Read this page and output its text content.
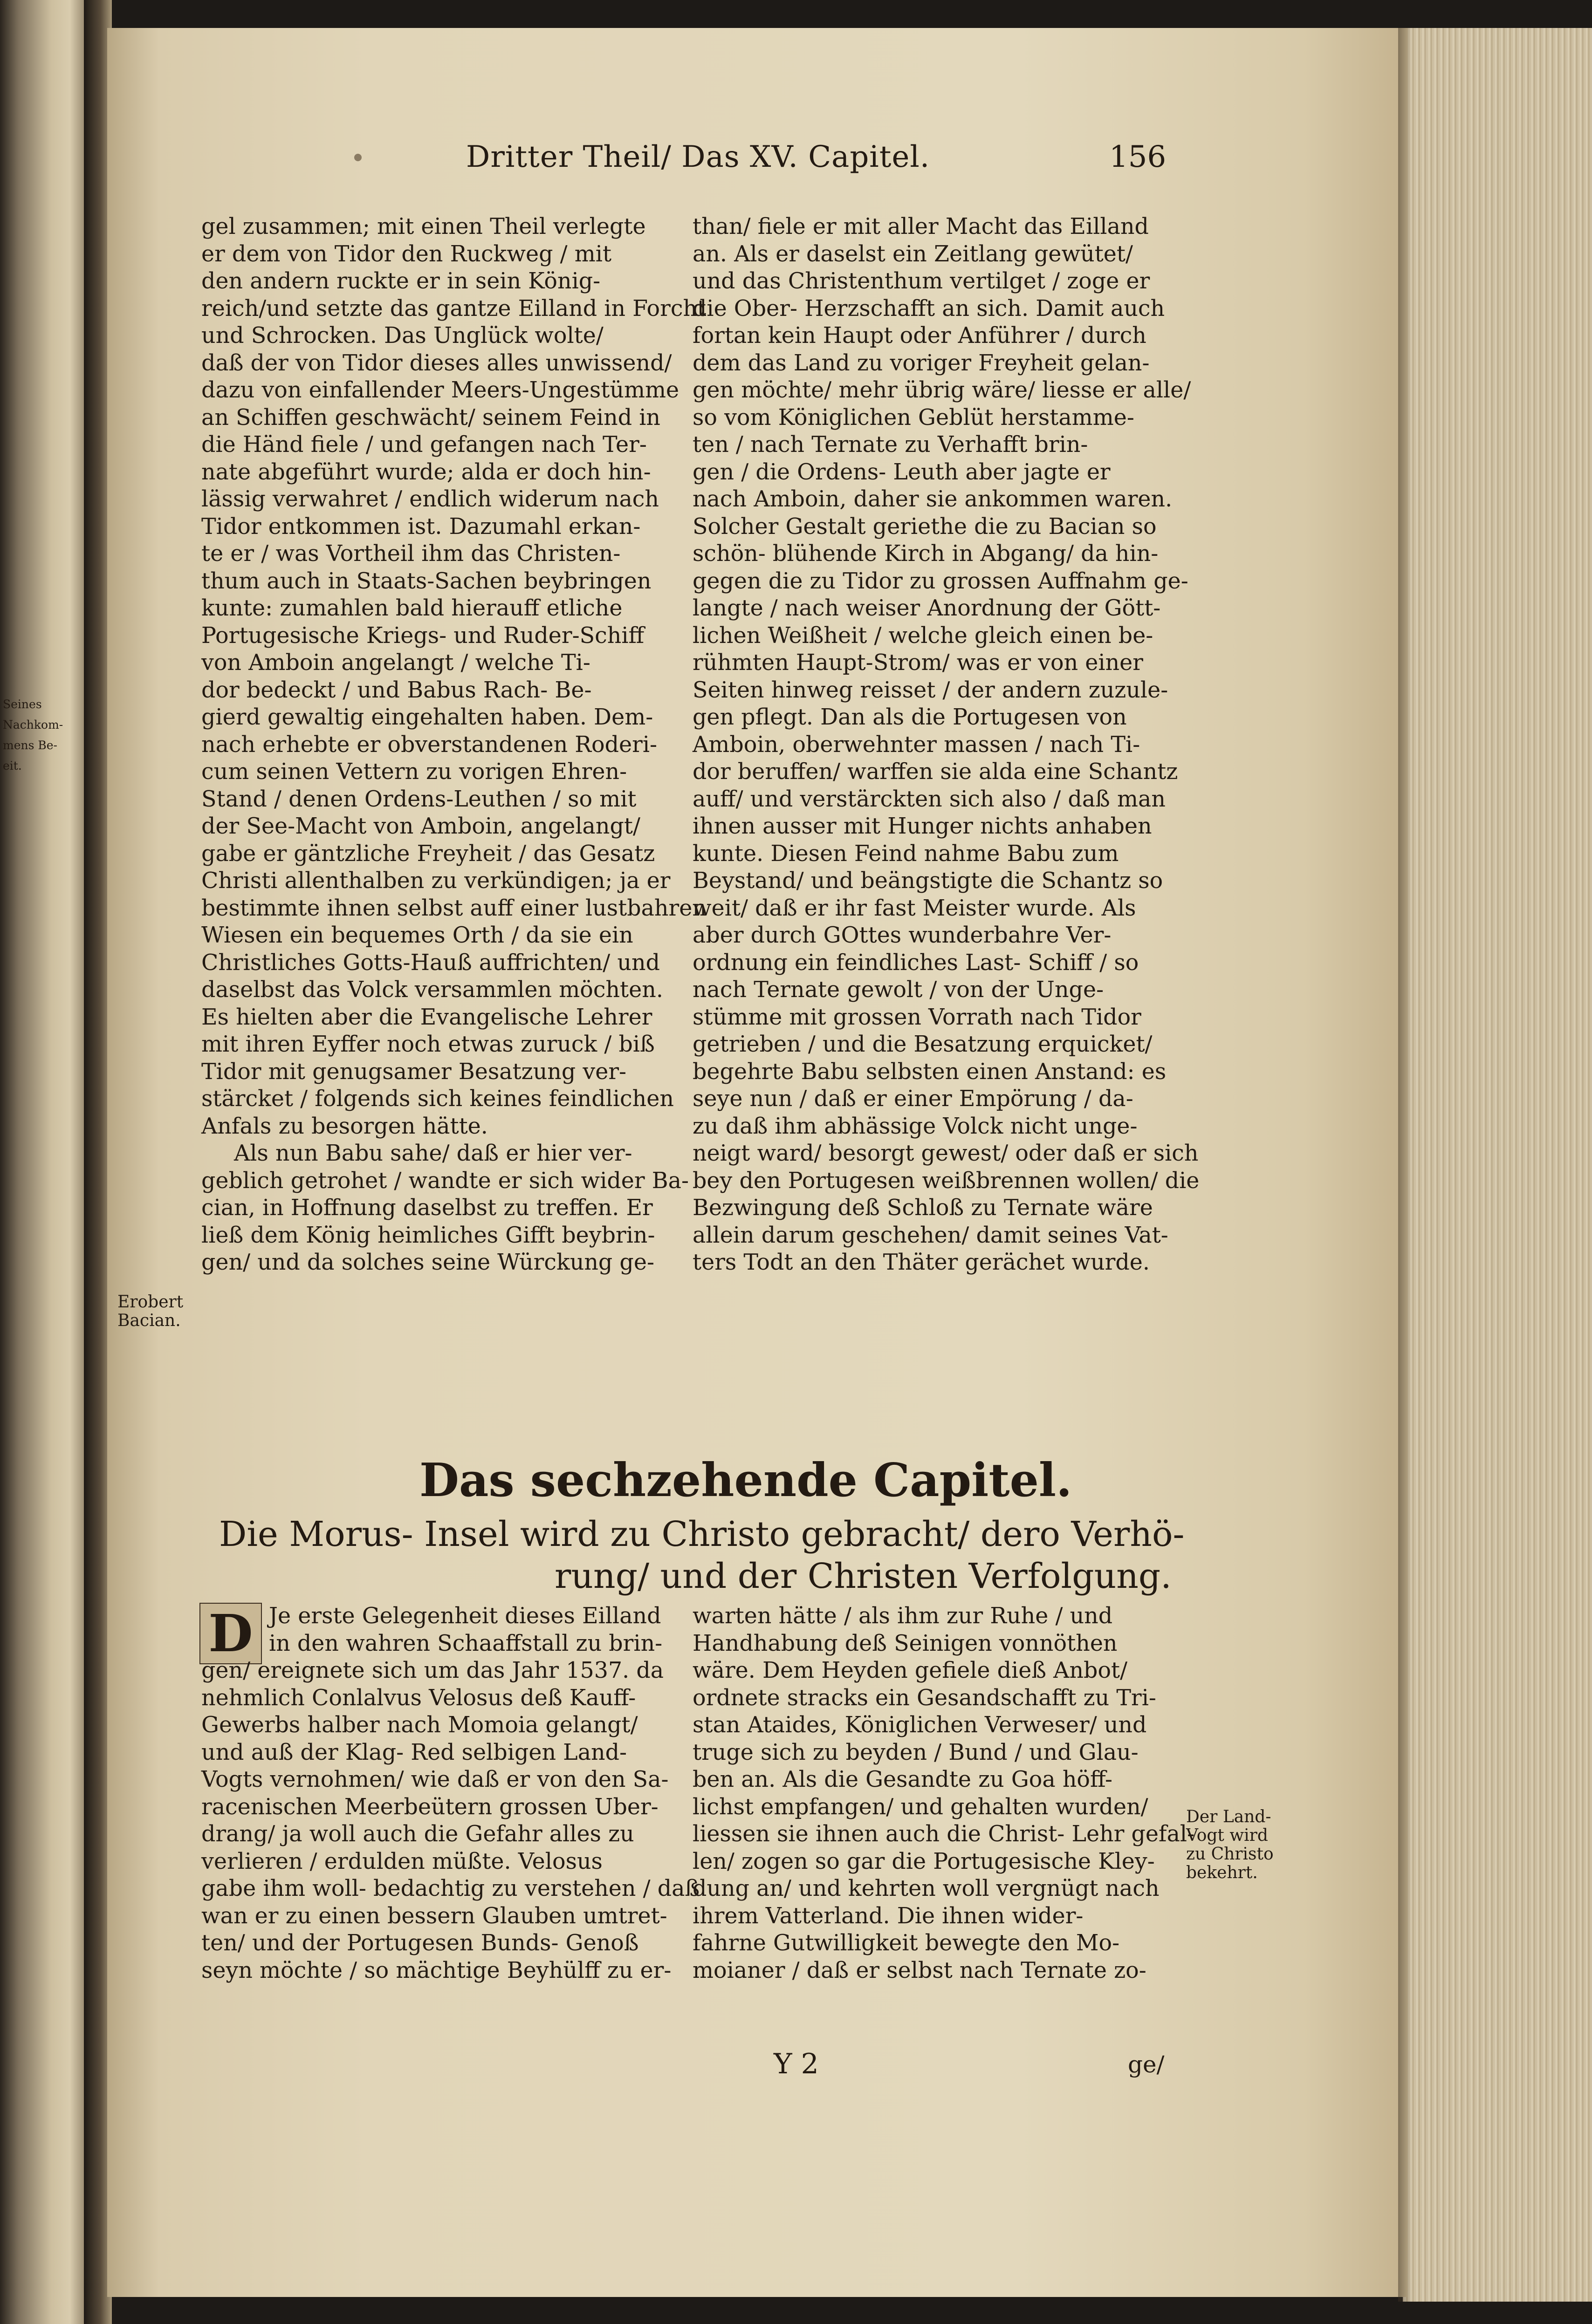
Seines
Nachkom-
mens Be-
eit.
Dritter Theil/ Das XV. Capitel.	156
gel zusammen; mit einen Theil verlegte
er dem von Tidor den Ruckweg / mit
den andern ruckte er in sein König-
reich/und setzte das gantze Eilland in Forcht
und Schrocken. Das Unglück wolte/
daß der von Tidor dieses alles unwissend/
dazu von einfallender Meers-Ungestümme
an Schiffen geschwächt/ seinem Feind in
die Händ fiele / und gefangen nach Ter-
nate abgeführt wurde; alda er doch hin-
lässig verwahret / endlich widerum nach
Tidor entkommen ist. Dazumahl erkan-
te er / was Vortheil ihm das Christen-
thum auch in Staats-Sachen beybringen
kunte: zumahlen bald hierauff etliche
Portugesische Kriegs- und Ruder-Schiff
von Amboin angelangt / welche Ti-
dor bedeckt / und Babus Rach- Be-
gierd gewaltig eingehalten haben. Dem-
nach erhebte er obverstandenen Roderi-
cum seinen Vettern zu vorigen Ehren-
Stand / denen Ordens-Leuthen / so mit
der See-Macht von Amboin, angelangt/
gabe er gäntzliche Freyheit / das Gesatz
Christi allenthalben zu verkündigen; ja er
bestimmte ihnen selbst auff einer lustbahren
Wiesen ein bequemes Orth / da sie ein
Christliches Gotts-Hauß auffrichten/ und
daselbst das Volck versammlen möchten.
Es hielten aber die Evangelische Lehrer
mit ihren Eyffer noch etwas zuruck / biß
Tidor mit genugsamer Besatzung ver-
stärcket / folgends sich keines feindlichen
Anfals zu besorgen hätte.
Als nun Babu sahe/ daß er hier ver-
geblich getrohet / wandte er sich wider Ba-
cian, in Hoffnung daselbst zu treffen. Er
ließ dem König heimliches Gifft beybrin-
gen/ und da solches seine Würckung ge-
than/ fiele er mit aller Macht das Eilland
an. Als er daselst ein Zeitlang gewütet/
und das Christenthum vertilget / zoge er
die Ober- Herzschafft an sich. Damit auch
fortan kein Haupt oder Anführer / durch
dem das Land zu voriger Freyheit gelan-
gen möchte/ mehr übrig wäre/ liesse er alle/
so vom Königlichen Geblüt herstamme-
ten / nach Ternate zu Verhafft brin-
gen / die Ordens- Leuth aber jagte er
nach Amboin, daher sie ankommen waren.
Solcher Gestalt geriethe die zu Bacian so
schön- blühende Kirch in Abgang/ da hin-
gegen die zu Tidor zu grossen Auffnahm ge-
langte / nach weiser Anordnung der Gött-
lichen Weißheit / welche gleich einen be-
rühmten Haupt-Strom/ was er von einer
Seiten hinweg reisset / der andern zuzule-
gen pflegt. Dan als die Portugesen von
Amboin, oberwehnter massen / nach Ti-
dor beruffen/ warffen sie alda eine Schantz
auff/ und verstärckten sich also / daß man
ihnen ausser mit Hunger nichts anhaben
kunte. Diesen Feind nahme Babu zum
Beystand/ und beängstigte die Schantz so
weit/ daß er ihr fast Meister wurde. Als
aber durch GOttes wunderbahre Ver-
ordnung ein feindliches Last- Schiff / so
nach Ternate gewolt / von der Unge-
stümme mit grossen Vorrath nach Tidor
getrieben / und die Besatzung erquicket/
begehrte Babu selbsten einen Anstand: es
seye nun / daß er einer Empörung / da-
zu daß ihm abhässige Volck nicht unge-
neigt ward/ besorgt gewest/ oder daß er sich
bey den Portugesen weißbrennen wollen/ die
Bezwingung deß Schloß zu Ternate wäre
allein darum geschehen/ damit seines Vat-
ters Todt an den Thäter gerächet wurde.
Erobert
Bacian.
Das sechzehende Capitel.
Die Morus- Insel wird zu Christo gebracht/ dero Verhö-
rung/ und der Christen Verfolgung.
D Je erste Gelegenheit dieses Eilland
in den wahren Schaaffstall zu brin-
gen/ ereignete sich um das Jahr 1537. da
nehmlich Conlalvus Velosus deß Kauff-
Gewerbs halber nach Momoia gelangt/
und auß der Klag- Red selbigen Land-
Vogts vernohmen/ wie daß er von den Sa-
racenischen Meerbeütern grossen Uber-
drang/ ja woll auch die Gefahr alles zu
verlieren / erdulden müßte. Velosus
gabe ihm woll- bedachtig zu verstehen / daß
wan er zu einen bessern Glauben umtret-
ten/ und der Portugesen Bunds- Genoß
seyn möchte / so mächtige Beyhülff zu er-
warten hätte / als ihm zur Ruhe / und
Handhabung deß Seinigen vonnöthen
wäre. Dem Heyden gefiele dieß Anbot/
ordnete stracks ein Gesandschafft zu Tri-
stan Ataides, Königlichen Verweser/ und
truge sich zu beyden / Bund / und Glau-
ben an. Als die Gesandte zu Goa höff-
lichst empfangen/ und gehalten wurden/
liessen sie ihnen auch die Christ- Lehr gefal-
len/ zogen so gar die Portugesische Kley-
dung an/ und kehrten woll vergnügt nach
ihrem Vatterland. Die ihnen wider-
fahrne Gutwilligkeit bewegte den Mo-
moianer / daß er selbst nach Ternate zo-
Der Land-
Vogt wird
zu Christo
bekehrt.
Y 2	ge/
